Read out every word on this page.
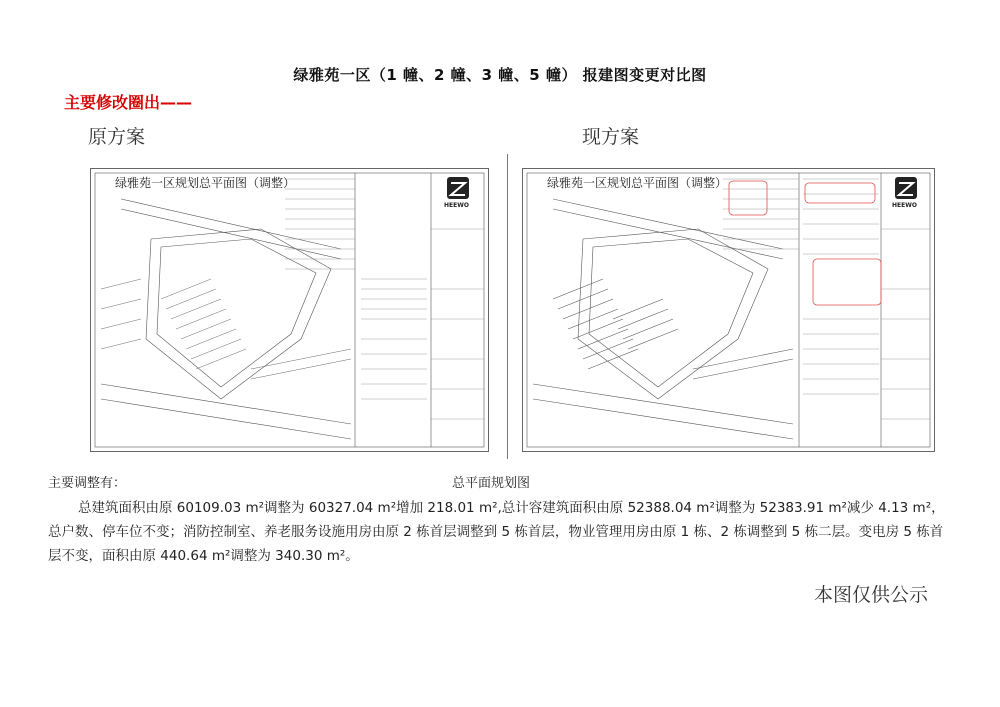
绿雅苑一区（1 幢、2 幢、3 幢、5 幢） 报建图变更对比图
主要修改圈出——
原方案	现方案
绿雅苑一区规划总平面图（调整）
HEEWO
绿雅苑一区规划总平面图（调整）
HEEWO
主要调整有：	总平面规划图
总建筑面积由原 60109.03 m²调整为 60327.04 m²增加 218.01 m²,总计容建筑面积由原 52388.04 m²调整为 52383.91 m²减少 4.13 m²，总户数、停车位不变；消防控制室、养老服务设施用房由原 2 栋首层调整到 5 栋首层，物业管理用房由原 1 栋、2 栋调整到 5 栋二层。变电房 5 栋首层不变，面积由原 440.64 m²调整为 340.30 m²。
本图仅供公示
